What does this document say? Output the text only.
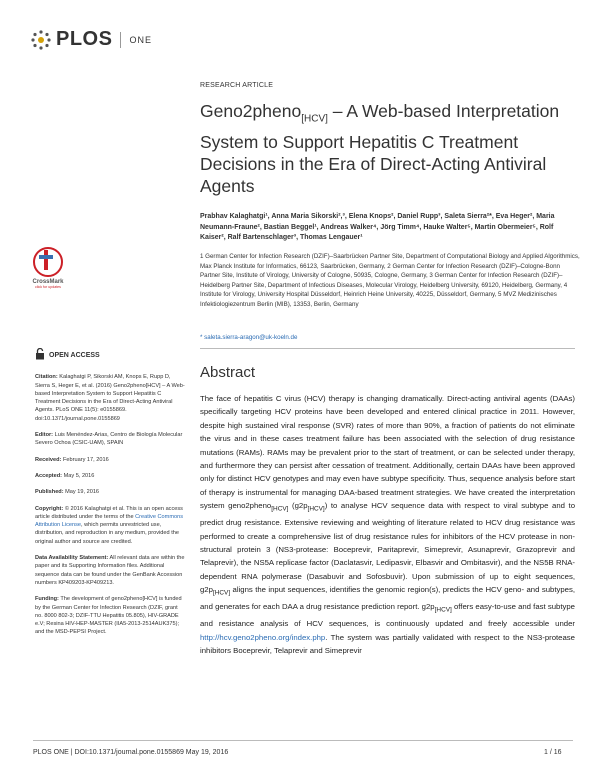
PLOS ONE
RESEARCH ARTICLE
Geno2pheno$_{[HCV]}$ – A Web-based Interpretation System to Support Hepatitis C Treatment Decisions in the Era of Direct-Acting Antiviral Agents
Prabhav Kalaghatgi¹, Anna Maria Sikorski²,³, Elena Knops², Daniel Rupp³, Saleta Sierra²*, Eva Heger², Maria Neumann-Fraune², Bastian Beggel¹, Andreas Walker⁴, Jörg Timm⁴, Hauke Walter⁵, Martin Obermeier⁵, Rolf Kaiser², Ralf Bartenschlager³, Thomas Lengauer¹
1 German Center for Infection Research (DZIF)–Saarbrücken Partner Site, Department of Computational Biology and Applied Algorithmics, Max Planck Institute for Informatics, 66123, Saarbrücken, Germany, 2 German Center for Infection Research (DZIF)–Cologne-Bonn Partner Site, Institute of Virology, University of Cologne, 50935, Cologne, Germany, 3 German Center for Infection Research (DZIF)–Heidelberg Partner Site, Department of Infectious Diseases, Molecular Virology, Heidelberg University, 69120, Heidelberg, Germany, 4 Institute for Virology, University Hospital Düsseldorf, Heinrich Heine University, 40225, Düsseldorf, Germany, 5 MVZ Medizinisches Infektiologiezentrum Berlin (MIB), 13353, Berlin, Germany
* saleta.sierra-aragon@uk-koeln.de
CrossMark
click for updates
OPEN ACCESS
Citation: Kalaghatgi P, Sikorski AM, Knops E, Rupp D, Sierra S, Heger E, et al. (2016) Geno2pheno[HCV] – A Web-based Interpretation System to Support Hepatitis C Treatment Decisions in the Era of Direct-Acting Antiviral Agents. PLoS ONE 11(5): e0155869. doi:10.1371/journal.pone.0155869
Editor: Luis Menéndez-Arias, Centro de Biología Molecular Severo Ochoa (CSIC-UAM), SPAIN
Received: February 17, 2016
Accepted: May 5, 2016
Published: May 19, 2016
Copyright: © 2016 Kalaghatgi et al. This is an open access article distributed under the terms of the Creative Commons Attribution License, which permits unrestricted use, distribution, and reproduction in any medium, provided the original author and source are credited.
Data Availability Statement: All relevant data are within the paper and its Supporting Information files. Additional sequence data can be found under the GenBank Accession numbers KP409203-KP409213.
Funding: The development of geno2pheno[HCV] is funded by the German Center for Infection Research (DZIF, grant no. 8000 802-3; DZIF-TTU Hepatitis 05.805), HIV-GRADE e.V; Resina HIV-HEP-MASTER (IIA5-2013-2514AUK375); and the MSD-PEPSI Project.
Abstract
The face of hepatitis C virus (HCV) therapy is changing dramatically. Direct-acting antiviral agents (DAAs) specifically targeting HCV proteins have been developed and entered clinical practice in 2011. However, despite high sustained viral response (SVR) rates of more than 90%, a fraction of patients do not eliminate the virus and in these cases treatment failure has been associated with the selection of drug resistance mutations (RAMs). RAMs may be prevalent prior to the start of treatment, or can be selected under therapy, and furthermore they can persist after cessation of treatment. Additionally, certain DAAs have been approved only for distinct HCV genotypes and may even have subtype specificity. Thus, sequence analysis before start of therapy is instrumental for managing DAA-based treatment strategies. We have created the interpretation system geno2pheno$_{[HCV]}$ $(g2p_{[HCV]})$ to analyse HCV sequence data with respect to viral subtype and to predict drug resistance. Extensive reviewing and weighting of literature related to HCV drug resistance was performed to create a comprehensive list of drug resistance rules for inhibitors of the HCV protease in non-structural protein 3 (NS3-protease: Boceprevir, Paritaprevir, Simeprevir, Asunaprevir, Grazoprevir and Telaprevir), the NS5A replicase factor (Daclatasvir, Ledipasvir, Elbasvir and Ombitasvir), and the NS5B RNA-dependent RNA polymerase (Dasabuvir and Sofosbuvir). Upon submission of up to eight sequences, $g2p_{[HCV]}$ aligns the input sequences, identifies the genomic region(s), predicts the HCV geno- and subtypes, and generates for each DAA a drug resistance prediction report. $g2p_{[HCV]}$ offers easy-to-use and fast subtype and resistance analysis of HCV sequences, is continuously updated and freely accessible under http://hcv.geno2pheno.org/index.php. The system was partially validated with respect to the NS3-protease inhibitors Boceprevir, Telaprevir and Simeprevir
PLOS ONE | DOI:10.1371/journal.pone.0155869 May 19, 2016	1 / 16
